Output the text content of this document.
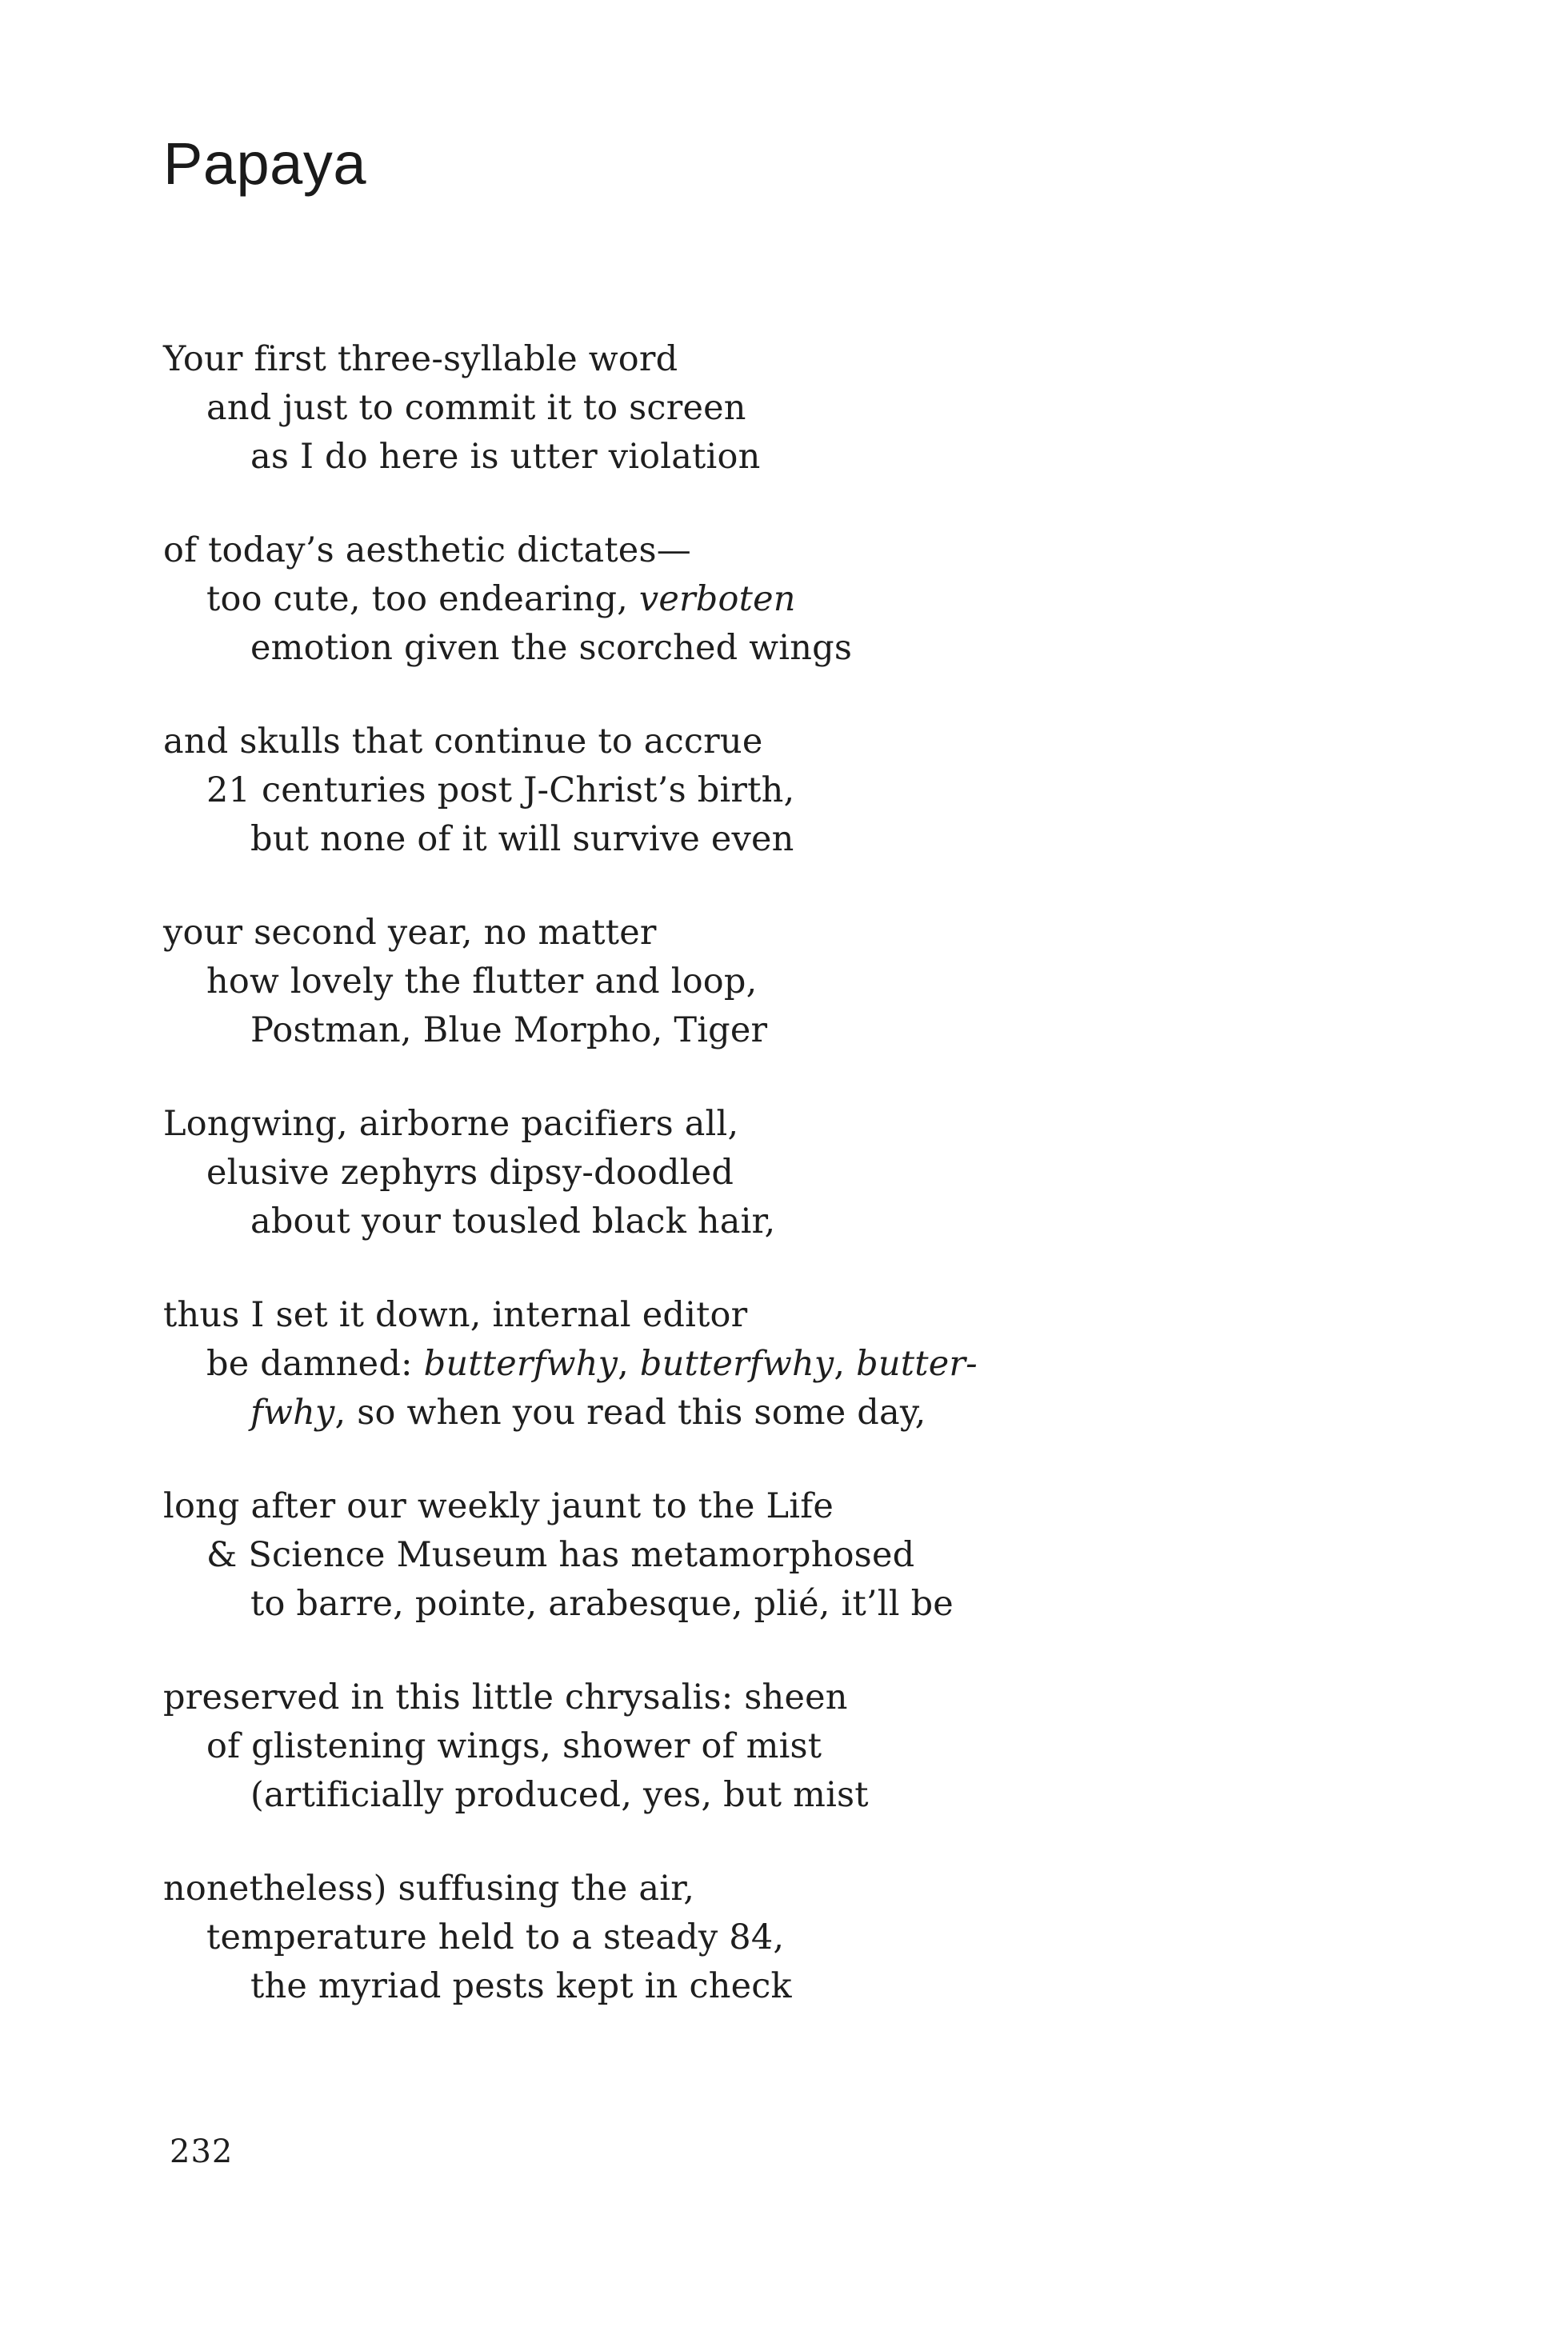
Papaya
Your first three-syllable word
and just to commit it to screen
as I do here is utter violation
of today’s aesthetic dictates—
too cute, too endearing, verboten
emotion given the scorched wings
and skulls that continue to accrue
21 centuries post J-Christ’s birth,
but none of it will survive even
your second year, no matter
how lovely the flutter and loop,
Postman, Blue Morpho, Tiger
Longwing, airborne pacifiers all,
elusive zephyrs dipsy-doodled
about your tousled black hair,
thus I set it down, internal editor
be damned: butterfwhy, butterfwhy, butter-
fwhy, so when you read this some day,
long after our weekly jaunt to the Life
& Science Museum has metamorphosed
to barre, pointe, arabesque, plié, it’ll be
preserved in this little chrysalis: sheen
of glistening wings, shower of mist
(artificially produced, yes, but mist
nonetheless) suffusing the air,
temperature held to a steady 84,
the myriad pests kept in check
232
